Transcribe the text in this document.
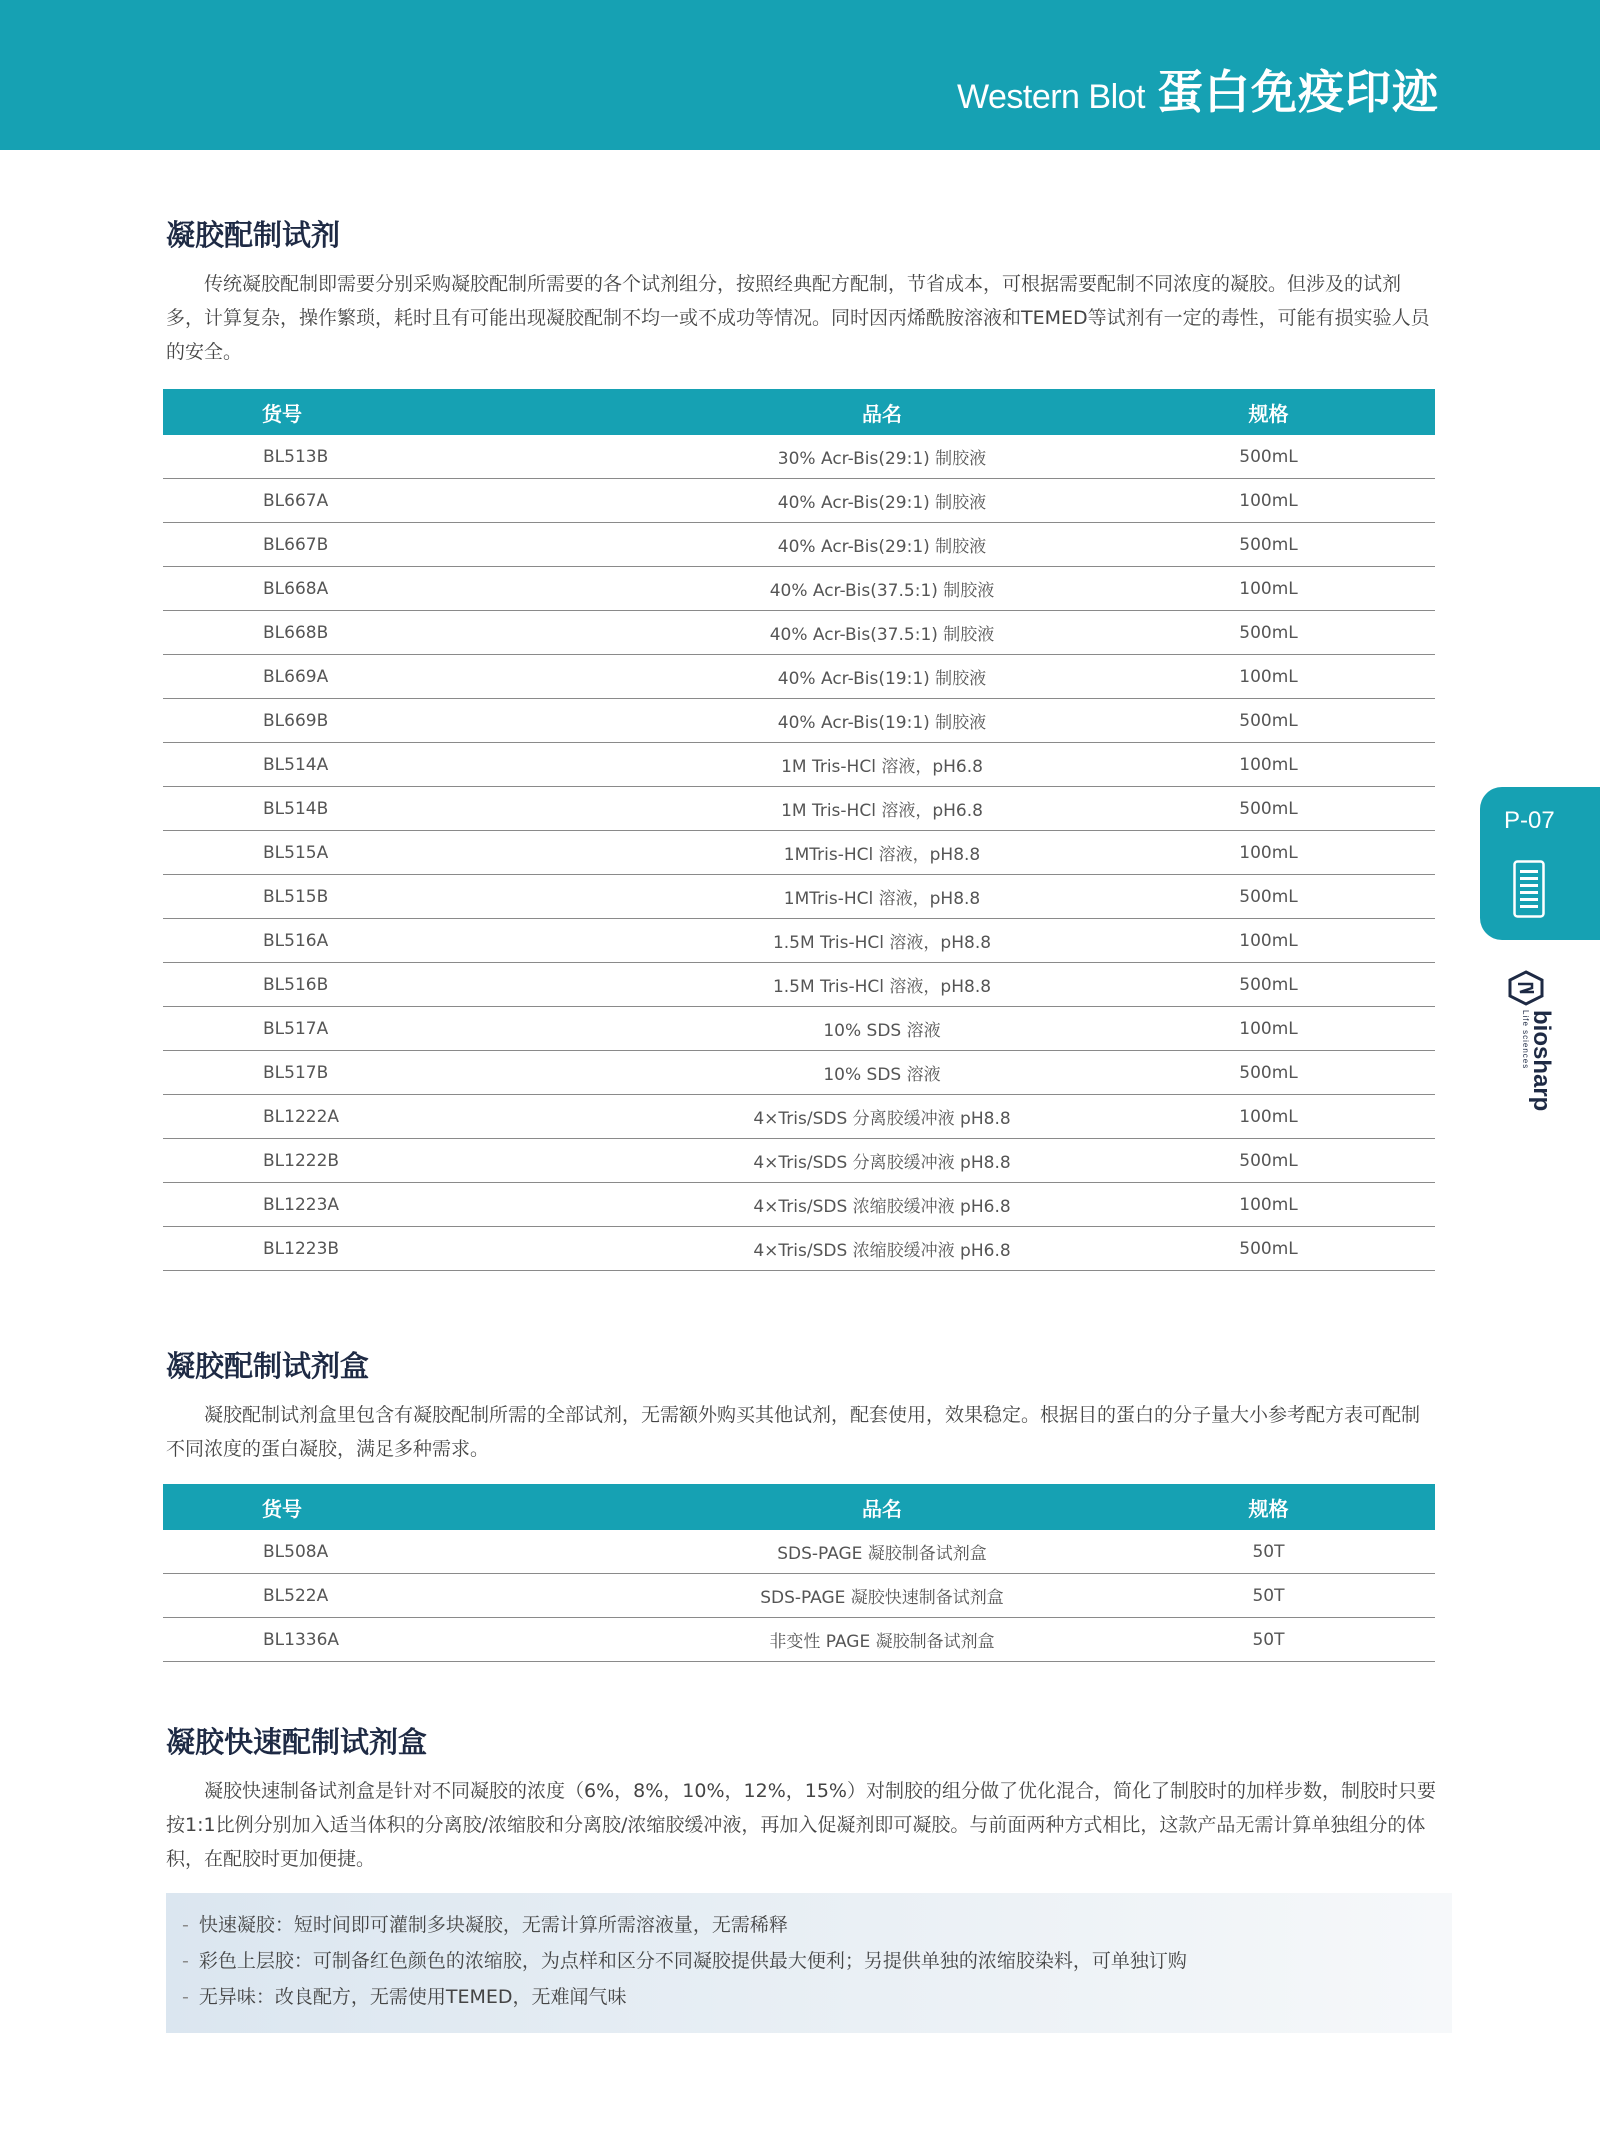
Western Blot 蛋白免疫印迹
凝胶配制试剂
传统凝胶配制即需要分别采购凝胶配制所需要的各个试剂组分，按照经典配方配制，节省成本，可根据需要配制不同浓度的凝胶。但涉及的试剂多，计算复杂，操作繁琐，耗时且有可能出现凝胶配制不均一或不成功等情况。同时因丙烯酰胺溶液和TEMED等试剂有一定的毒性，可能有损实验人员的安全。
货号	品名	规格
BL513B	30% Acr-Bis(29:1) 制胶液	500mL
BL667A	40% Acr-Bis(29:1) 制胶液	100mL
BL667B	40% Acr-Bis(29:1) 制胶液	500mL
BL668A	40% Acr-Bis(37.5:1) 制胶液	100mL
BL668B	40% Acr-Bis(37.5:1) 制胶液	500mL
BL669A	40% Acr-Bis(19:1) 制胶液	100mL
BL669B	40% Acr-Bis(19:1) 制胶液	500mL
BL514A	1M Tris-HCl 溶液，pH6.8	100mL
BL514B	1M Tris-HCl 溶液，pH6.8	500mL
BL515A	1MTris-HCl 溶液，pH8.8	100mL
BL515B	1MTris-HCl 溶液，pH8.8	500mL
BL516A	1.5M Tris-HCl 溶液，pH8.8	100mL
BL516B	1.5M Tris-HCl 溶液，pH8.8	500mL
BL517A	10% SDS 溶液	100mL
BL517B	10% SDS 溶液	500mL
BL1222A	4×Tris/SDS 分离胶缓冲液 pH8.8	100mL
BL1222B	4×Tris/SDS 分离胶缓冲液 pH8.8	500mL
BL1223A	4×Tris/SDS 浓缩胶缓冲液 pH6.8	100mL
BL1223B	4×Tris/SDS 浓缩胶缓冲液 pH6.8	500mL
凝胶配制试剂盒
凝胶配制试剂盒里包含有凝胶配制所需的全部试剂，无需额外购买其他试剂，配套使用，效果稳定。根据目的蛋白的分子量大小参考配方表可配制不同浓度的蛋白凝胶，满足多种需求。
货号	品名	规格
BL508A	SDS-PAGE 凝胶制备试剂盒	50T
BL522A	SDS-PAGE 凝胶快速制备试剂盒	50T
BL1336A	非变性 PAGE 凝胶制备试剂盒	50T
凝胶快速配制试剂盒
凝胶快速制备试剂盒是针对不同凝胶的浓度（6%，8%，10%，12%，15%）对制胶的组分做了优化混合，简化了制胶时的加样步数，制胶时只要按1:1比例分别加入适当体积的分离胶/浓缩胶和分离胶/浓缩胶缓冲液，再加入促凝剂即可凝胶。与前面两种方式相比，这款产品无需计算单独组分的体积，在配胶时更加便捷。
- 快速凝胶：短时间即可灌制多块凝胶，无需计算所需溶液量，无需稀释
- 彩色上层胶：可制备红色颜色的浓缩胶，为点样和区分不同凝胶提供最大便利；另提供单独的浓缩胶染料，可单独订购
- 无异味：改良配方，无需使用TEMED，无难闻气味
P-07
biosharp
Life sciences
